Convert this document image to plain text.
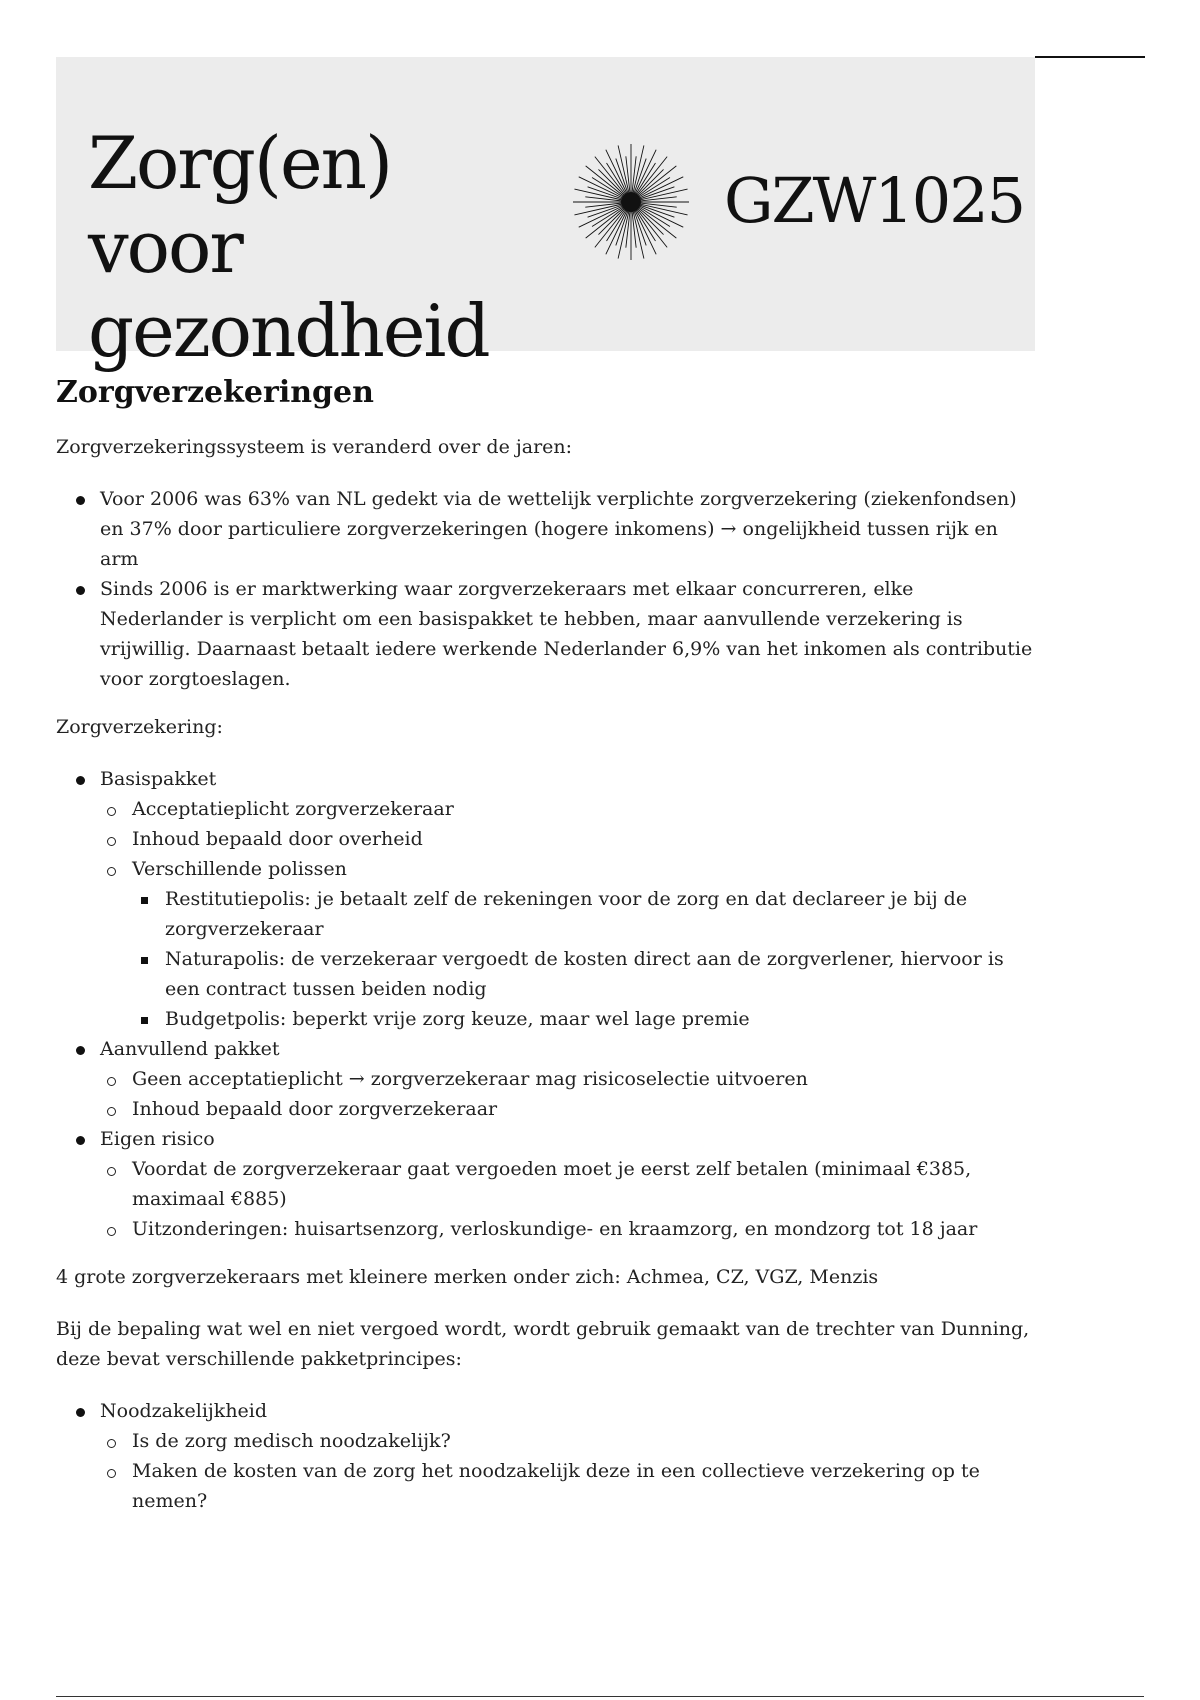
Zorg(en) voor gezondheid
GZW1025
Zorgverzekeringen

Zorgverzekeringssysteem is veranderd over de jaren:

Voor 2006 was 63% van NL gedekt via de wettelijk verplichte zorgverzekering (ziekenfondsen) en 37% door particuliere zorgverzekeringen (hogere inkomens) → ongelijkheid tussen rijk en arm
Sinds 2006 is er marktwerking waar zorgverzekeraars met elkaar concurreren, elke Nederlander is verplicht om een basispakket te hebben, maar aanvullende verzekering is vrijwillig. Daarnaast betaalt iedere werkende Nederlander 6,9% van het inkomen als contributie voor zorgtoeslagen.

Zorgverzekering:

Basispakket
Acceptatieplicht zorgverzekeraar
Inhoud bepaald door overheid
Verschillende polissen
Restitutiepolis: je betaalt zelf de rekeningen voor de zorg en dat declareer je bij de zorgverzekeraar
Naturapolis: de verzekeraar vergoedt de kosten direct aan de zorgverlener, hiervoor is een contract tussen beiden nodig
Budgetpolis: beperkt vrije zorg keuze, maar wel lage premie
Aanvullend pakket
Geen acceptatieplicht → zorgverzekeraar mag risicoselectie uitvoeren
Inhoud bepaald door zorgverzekeraar
Eigen risico
Voordat de zorgverzekeraar gaat vergoeden moet je eerst zelf betalen (minimaal €385, maximaal €885)
Uitzonderingen: huisartsenzorg, verloskundige- en kraamzorg, en mondzorg tot 18 jaar

4 grote zorgverzekeraars met kleinere merken onder zich: Achmea, CZ, VGZ, Menzis

Bij de bepaling wat wel en niet vergoed wordt, wordt gebruik gemaakt van de trechter van Dunning, deze bevat verschillende pakketprincipes:

Noodzakelijkheid
Is de zorg medisch noodzakelijk?
Maken de kosten van de zorg het noodzakelijk deze in een collectieve verzekering op te nemen?
